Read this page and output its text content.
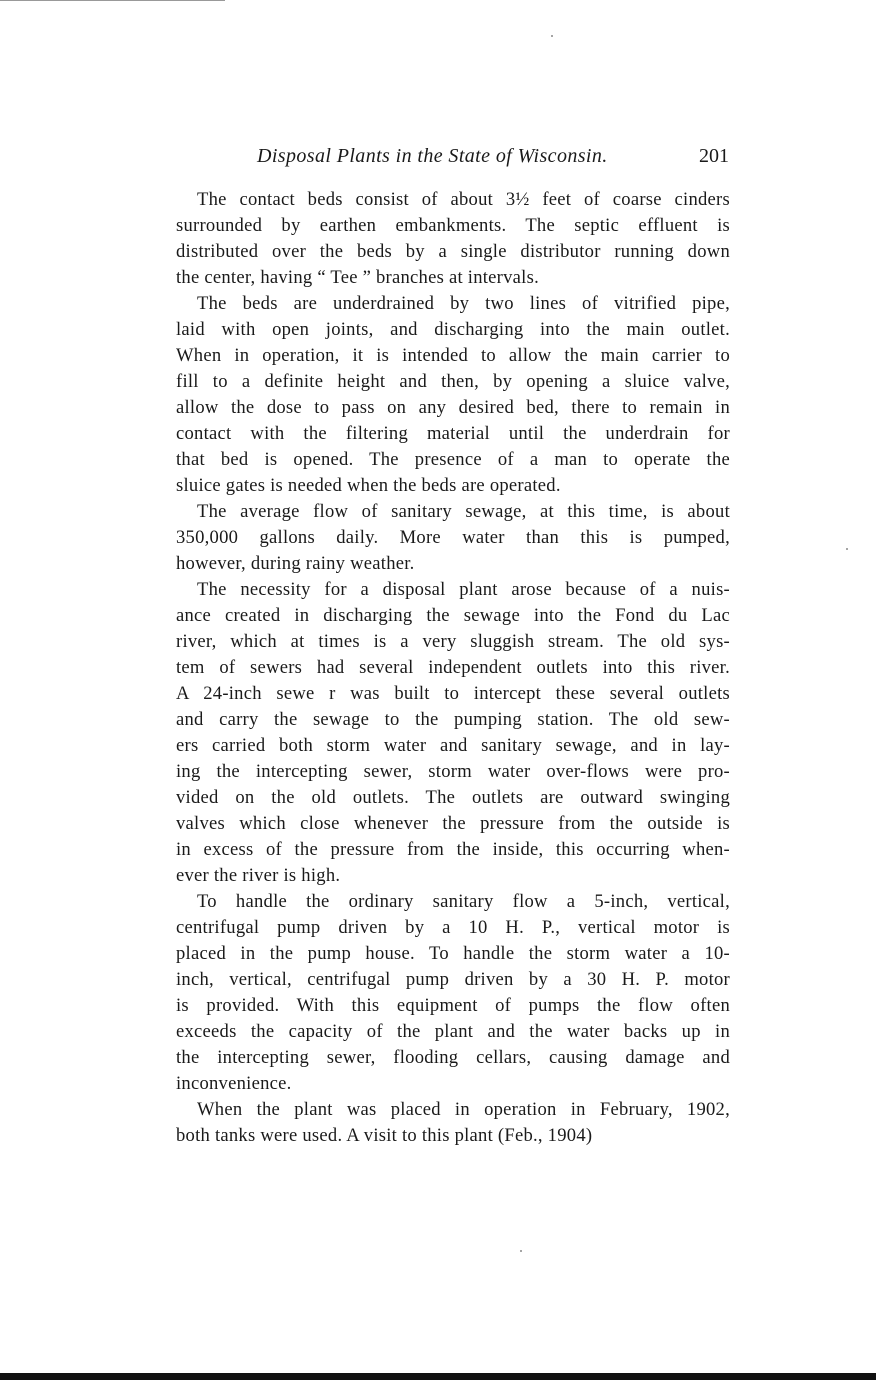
Disposal Plants in the State of Wisconsin.	201
The contact beds consist of about 3½ feet of coarse cinders
surrounded by earthen embankments. The septic effluent is
distributed over the beds by a single distributor running down
the center, having “ Tee ” branches at intervals.
The beds are underdrained by two lines of vitrified pipe,
laid with open joints, and discharging into the main outlet.
When in operation, it is intended to allow the main carrier to
fill to a definite height and then, by opening a sluice valve,
allow the dose to pass on any desired bed, there to remain in
contact with the filtering material until the underdrain for
that bed is opened. The presence of a man to operate the
sluice gates is needed when the beds are operated.
The average flow of sanitary sewage, at this time, is about
350,000 gallons daily. More water than this is pumped,
however, during rainy weather.
The necessity for a disposal plant arose because of a nuis-
ance created in discharging the sewage into the Fond du Lac
river, which at times is a very sluggish stream. The old sys-
tem of sewers had several independent outlets into this river.
A 24-inch sewe r was built to intercept these several outlets
and carry the sewage to the pumping station. The old sew-
ers carried both storm water and sanitary sewage, and in lay-
ing the intercepting sewer, storm water over-flows were pro-
vided on the old outlets. The outlets are outward swinging
valves which close whenever the pressure from the outside is
in excess of the pressure from the inside, this occurring when-
ever the river is high.
To handle the ordinary sanitary flow a 5-inch, vertical,
centrifugal pump driven by a 10 H. P., vertical motor is
placed in the pump house. To handle the storm water a 10-
inch, vertical, centrifugal pump driven by a 30 H. P. motor
is provided. With this equipment of pumps the flow often
exceeds the capacity of the plant and the water backs up in
the intercepting sewer, flooding cellars, causing damage and
inconvenience.
When the plant was placed in operation in February, 1902,
both tanks were used. A visit to this plant (Feb., 1904)
